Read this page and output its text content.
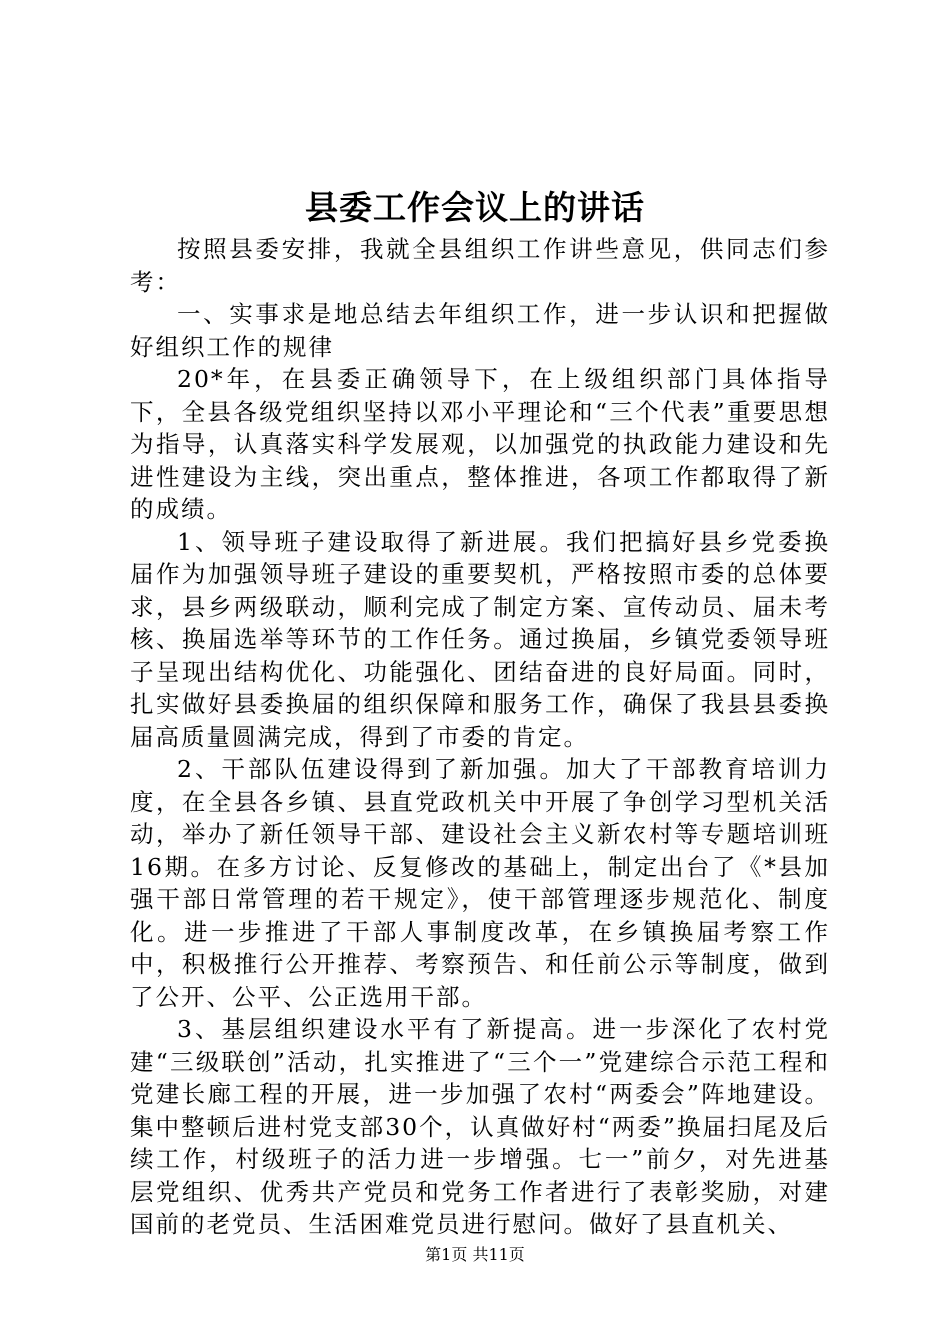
县委工作会议上的讲话

按照县委安排，我就全县组织工作讲些意见，供同志们参考：

一、实事求是地总结去年组织工作，进一步认识和把握做好组织工作的规律

20*年，在县委正确领导下，在上级组织部门具体指导下，全县各级党组织坚持以邓小平理论和“三个代表”重要思想为指导，认真落实科学发展观，以加强党的执政能力建设和先进性建设为主线，突出重点，整体推进，各项工作都取得了新的成绩。

1、领导班子建设取得了新进展。我们把搞好县乡党委换届作为加强领导班子建设的重要契机，严格按照市委的总体要求，县乡两级联动，顺利完成了制定方案、宣传动员、届未考核、换届选举等环节的工作任务。通过换届，乡镇党委领导班子呈现出结构优化、功能强化、团结奋进的良好局面。同时，扎实做好县委换届的组织保障和服务工作，确保了我县县委换届高质量圆满完成，得到了市委的肯定。

2、干部队伍建设得到了新加强。加大了干部教育培训力度，在全县各乡镇、县直党政机关中开展了争创学习型机关活动，举办了新任领导干部、建设社会主义新农村等专题培训班16期。在多方讨论、反复修改的基础上，制定出台了《*县加强干部日常管理的若干规定》，使干部管理逐步规范化、制度化。进一步推进了干部人事制度改革，在乡镇换届考察工作中，积极推行公开推荐、考察预告、和任前公示等制度，做到了公开、公平、公正选用干部。

3、基层组织建设水平有了新提高。进一步深化了农村党建“三级联创”活动，扎实推进了“三个一”党建综合示范工程和党建长廊工程的开展，进一步加强了农村“两委会”阵地建设。集中整顿后进村党支部30个，认真做好村“两委”换届扫尾及后续工作，村级班子的活力进一步增强。七一”前夕，对先进基层党组织、优秀共产党员和党务工作者进行了表彰奖励，对建国前的老党员、生活困难党员进行慰问。做好了县直机关、

第1页 共11页
